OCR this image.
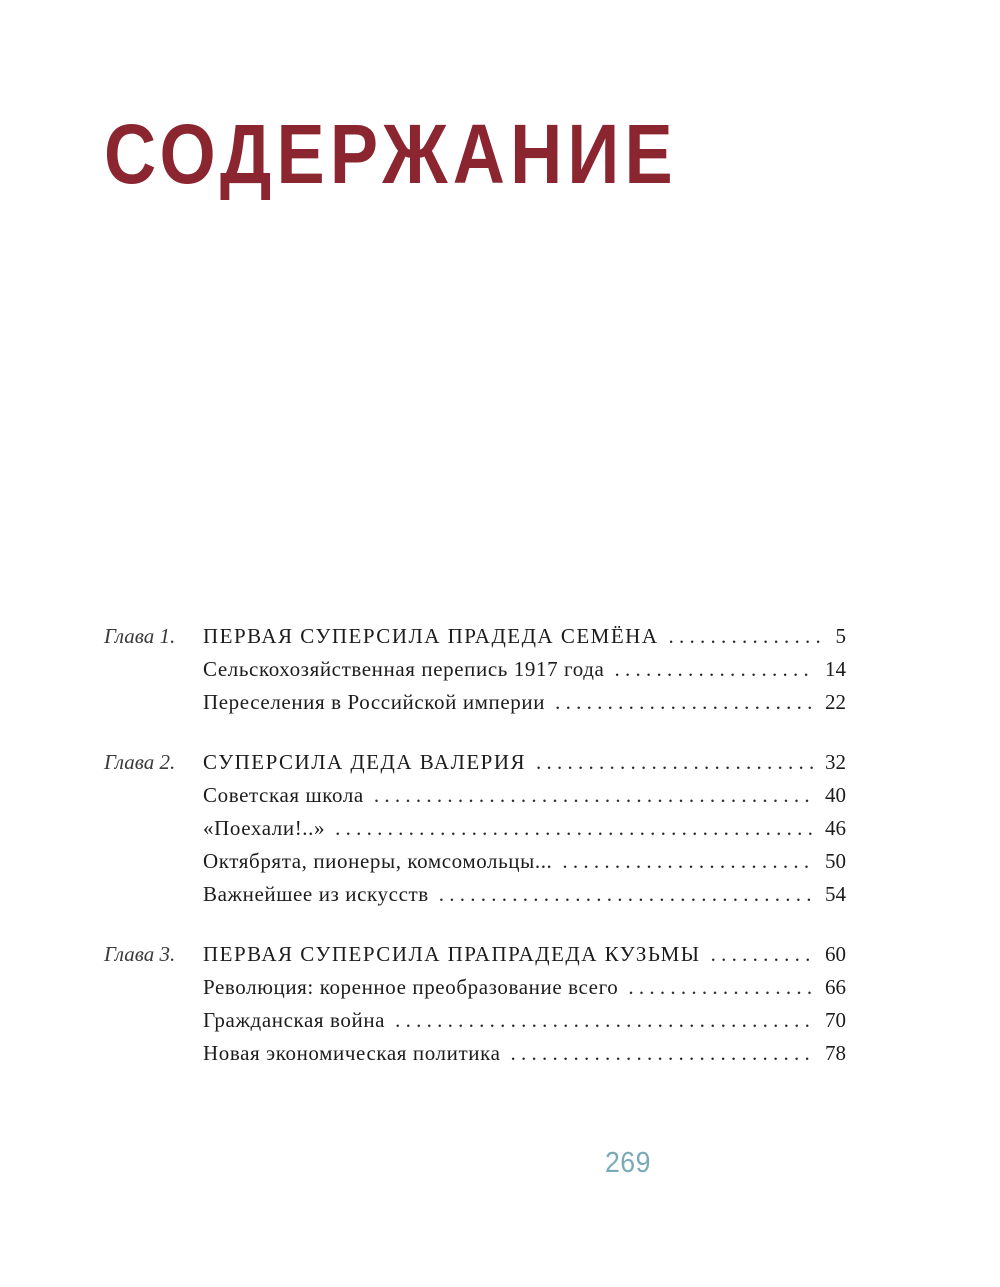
СОДЕРЖАНИЕ
Глава 1.	ПЕРВАЯ СУПЕРСИЛА ПРАДЕДА СЕМЁНА . . .	5
Сельскохозяйственная перепись 1917 года . . .	14
Переселения в Российской империи . . .	22
Глава 2.	СУПЕРСИЛА ДЕДА ВАЛЕРИЯ . . .	32
Советская школа . . .	40
«Поехали!..» . . .	46
Октябрята, пионеры, комсомольцы... . . .	50
Важнейшее из искусств . . .	54
Глава 3.	ПЕРВАЯ СУПЕРСИЛА ПРАПРАДЕДА КУЗЬМЫ . . .	60
Революция: коренное преобразование всего . . .	66
Гражданская война . . .	70
Новая экономическая политика . . .	78
269
